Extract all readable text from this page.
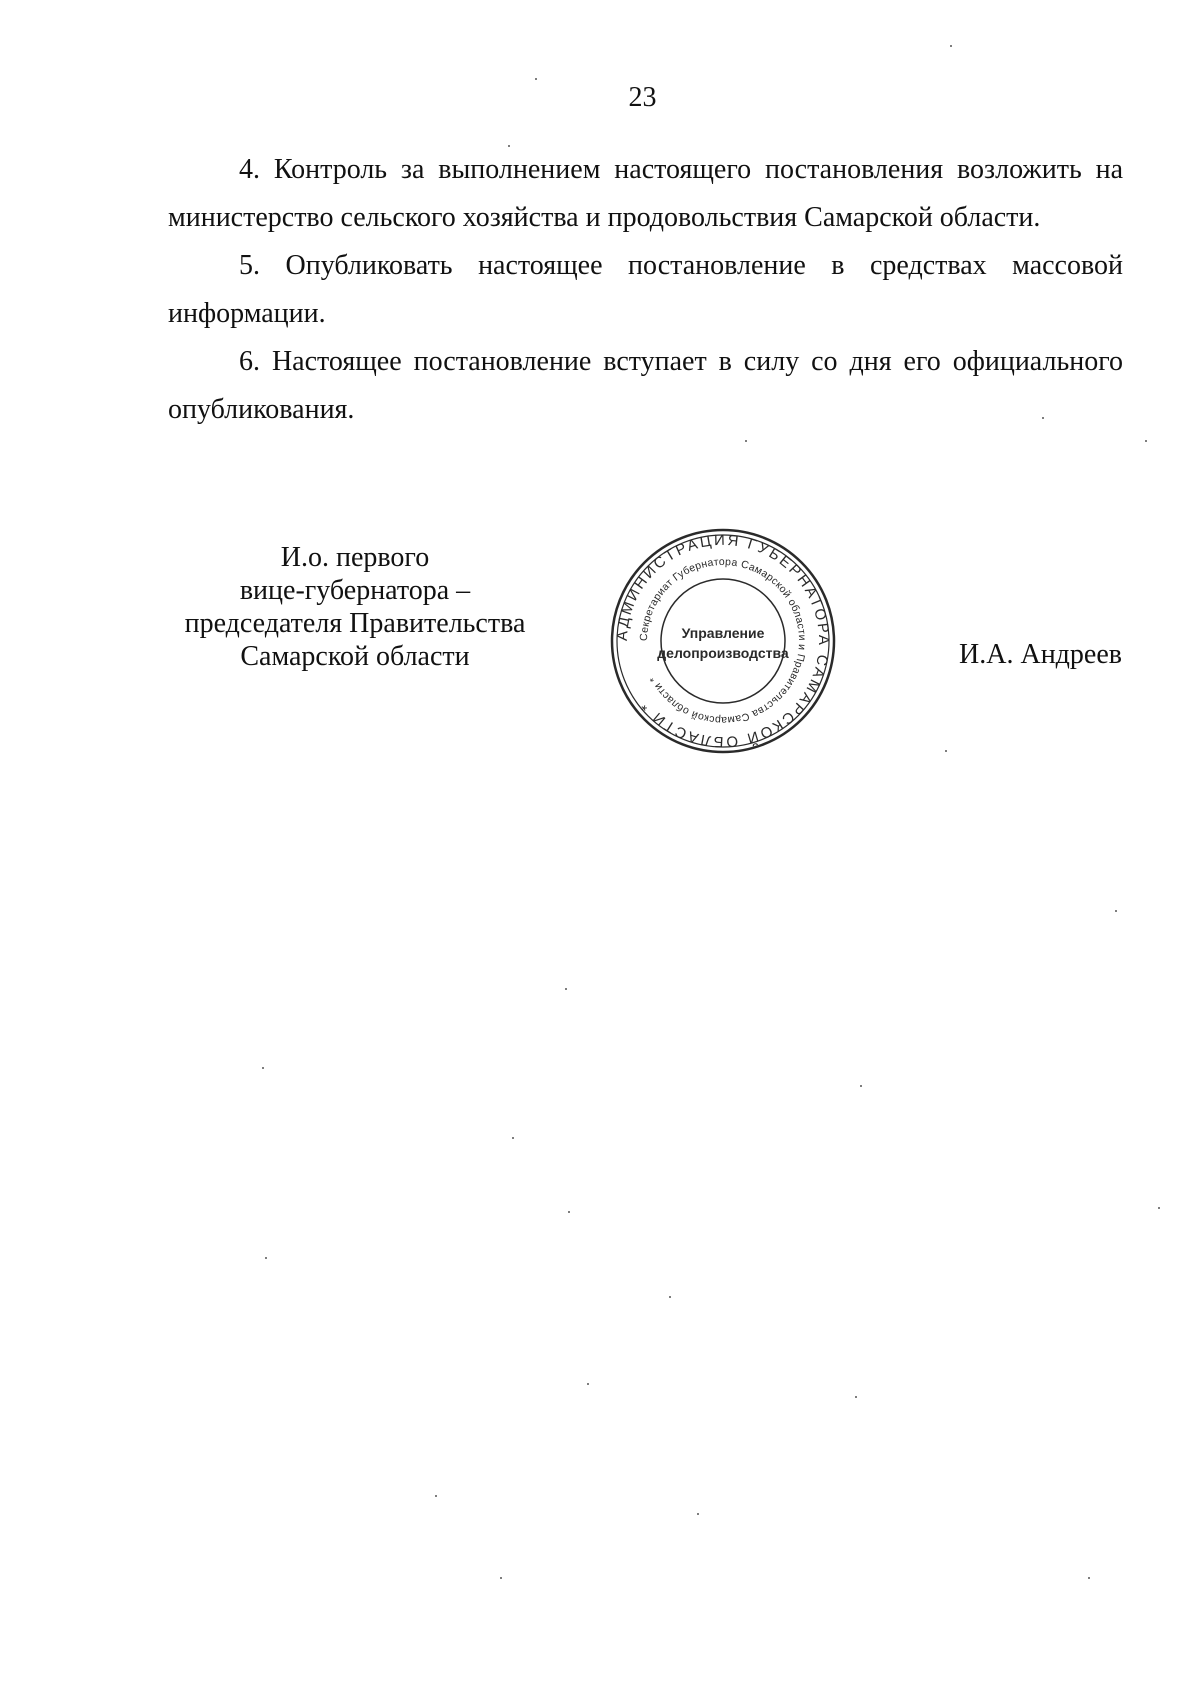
23

4. Контроль за выполнением настоящего постановления возложить на министерство сельского хозяйства и продовольствия Самарской области.

5. Опубликовать настоящее постановление в средствах массовой информации.

6. Настоящее постановление вступает в силу со дня его официального опубликования.

И.о. первого
вице-губернатора –
председателя Правительства
Самарской области
АДМИНИСТРАЦИЯ ГУБЕРНАТОРА САМАРСКОЙ ОБЛАСТИ *
Секретариат Губернатора Самарской области и Правительства Самарской области *
Управление
делопроизводства	И.А. Андреев
